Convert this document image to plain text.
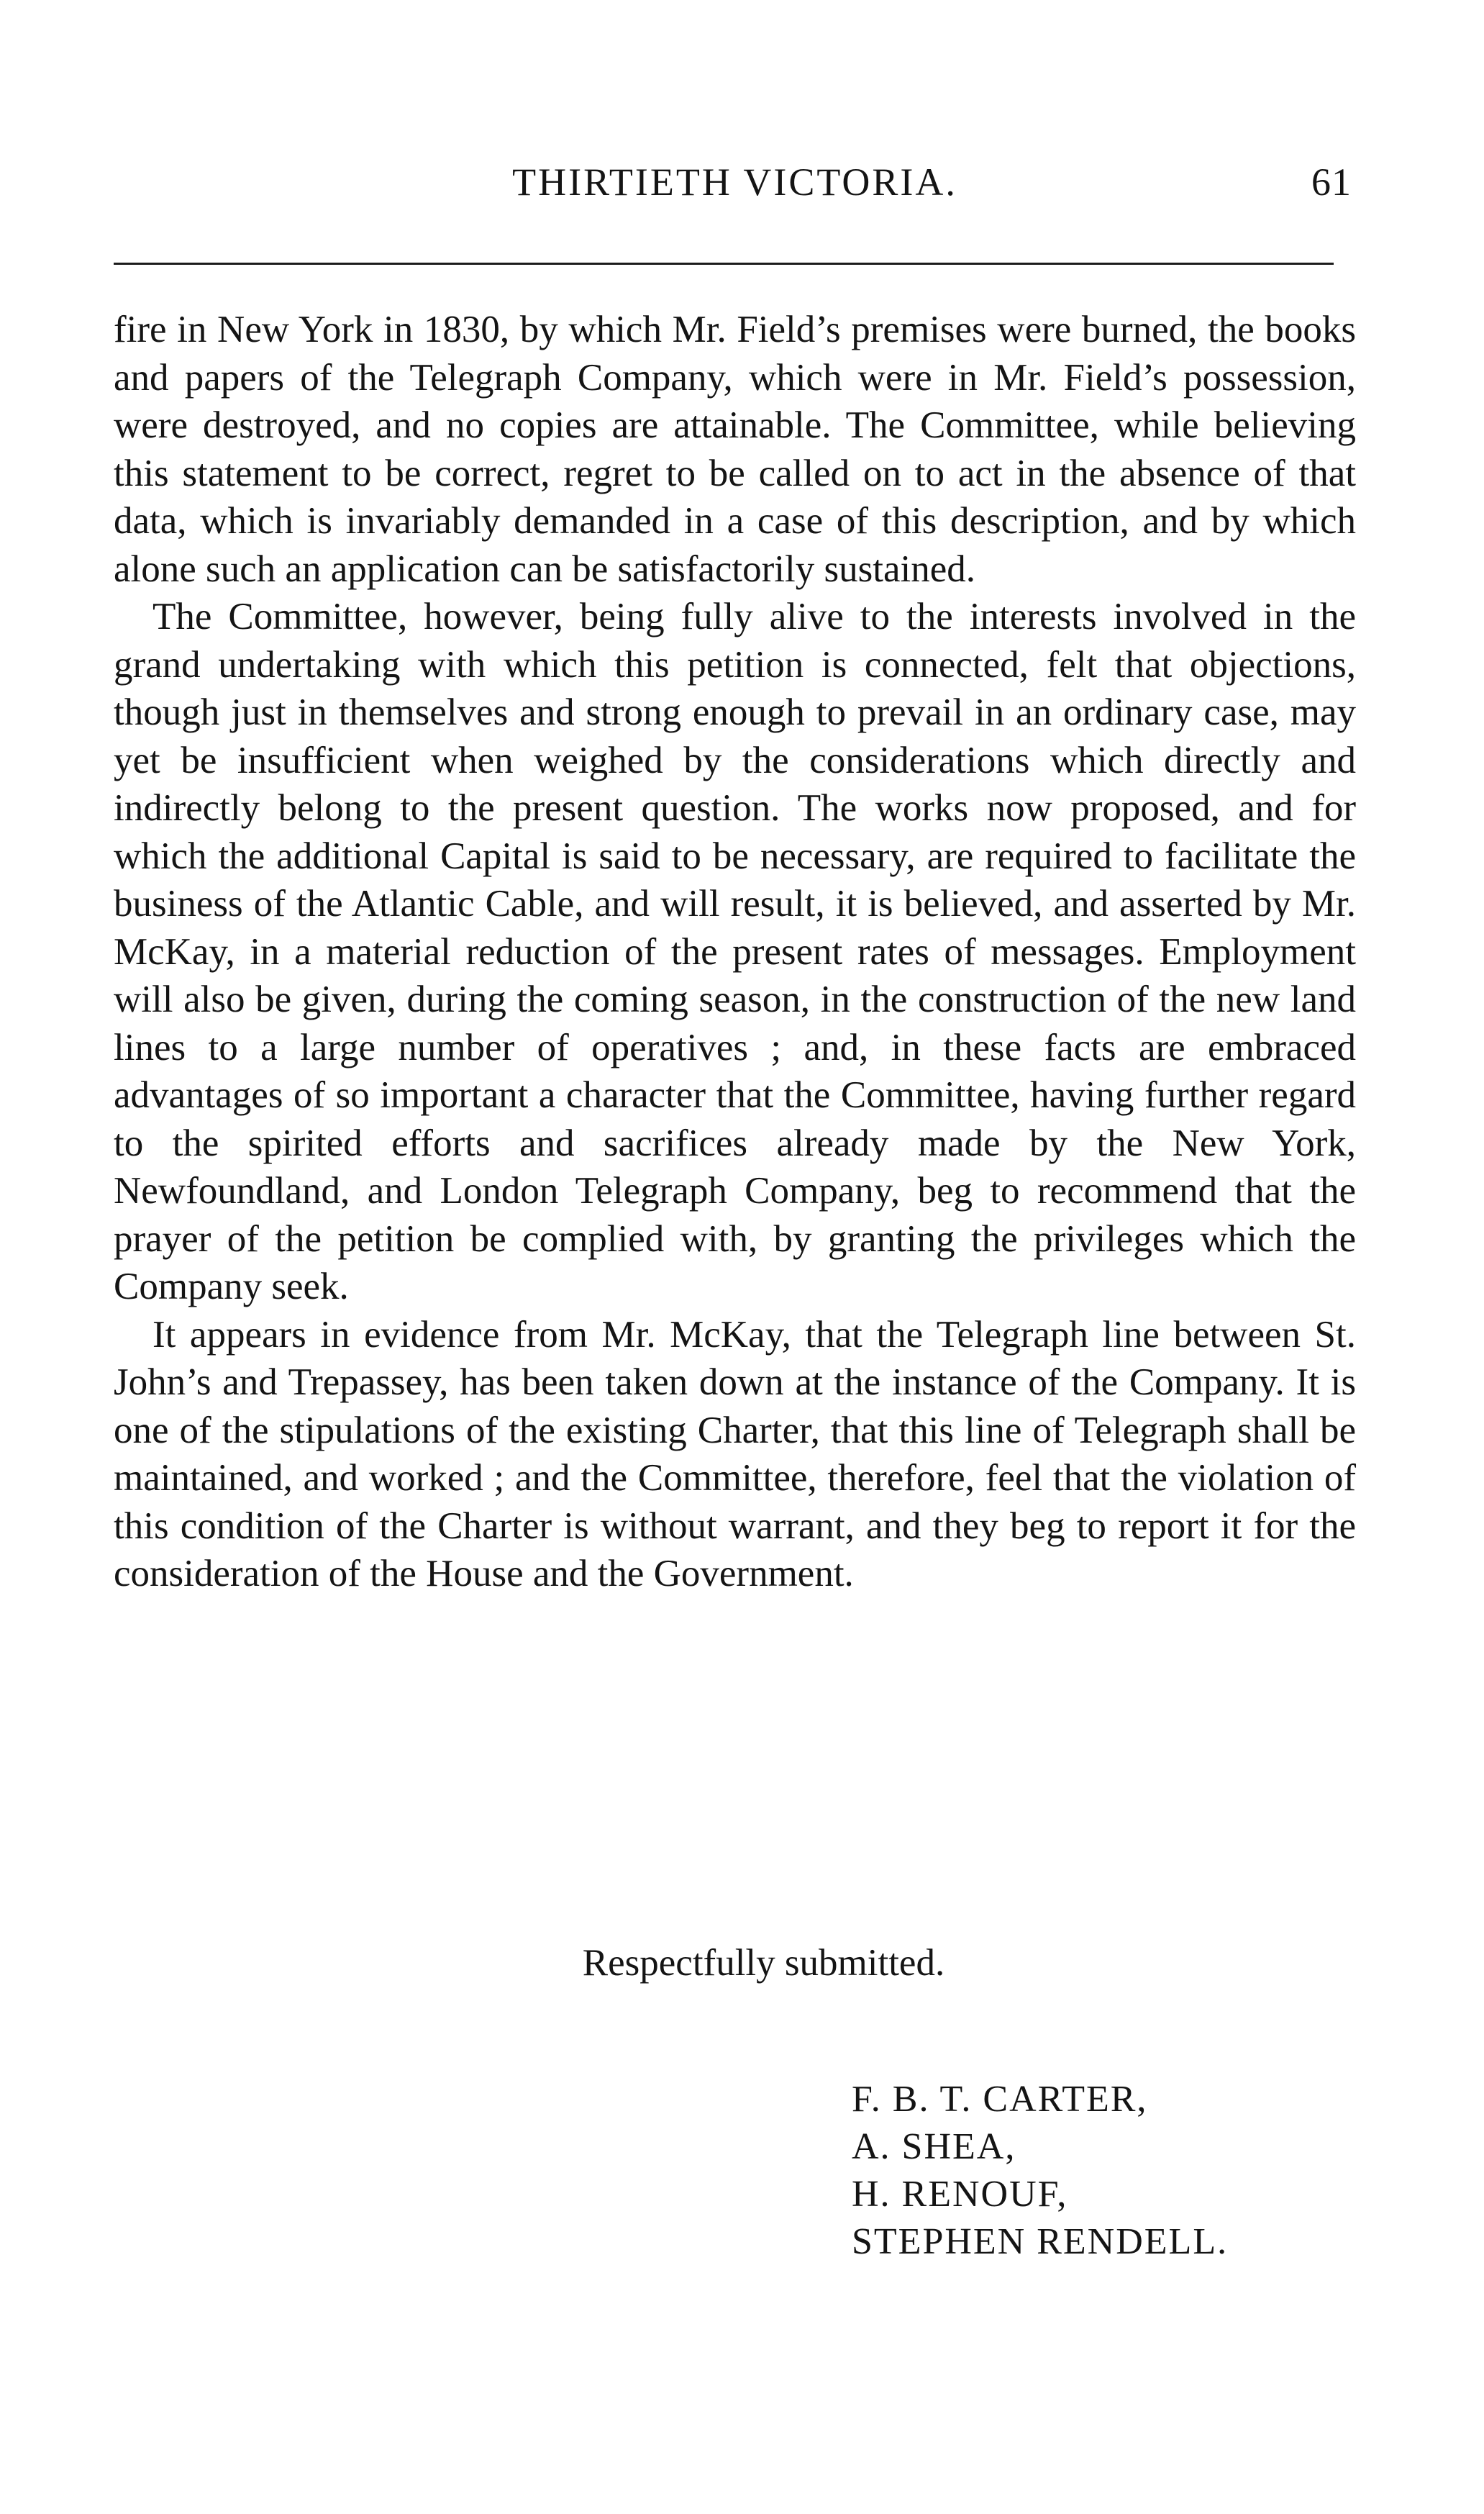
THIRTIETH VICTORIA.	61

fire in New York in 1830, by which Mr. Field’s premises were burned, the books and papers of the Telegraph Company, which were in Mr. Field’s possession, were destroyed, and no copies are attainable. The Committee, while believing this statement to be correct, regret to be called on to act in the absence of that data, which is invariably demanded in a case of this description, and by which alone such an application can be satisfactorily sustained.

The Committee, however, being fully alive to the interests involved in the grand undertaking with which this petition is connected, felt that objections, though just in themselves and strong enough to prevail in an ordinary case, may yet be insufficient when weighed by the considerations which directly and indirectly belong to the present question. The works now proposed, and for which the additional Capital is said to be necessary, are required to facilitate the business of the Atlantic Cable, and will result, it is believed, and asserted by Mr. McKay, in a material reduction of the present rates of messages. Employment will also be given, during the coming season, in the construction of the new land lines to a large number of operatives ; and, in these facts are embraced advantages of so important a character that the Committee, having further regard to the spirited efforts and sacrifices already made by the New York, Newfoundland, and London Telegraph Company, beg to recommend that the prayer of the petition be complied with, by granting the privileges which the Company seek.

It appears in evidence from Mr. McKay, that the Telegraph line between St. John’s and Trepassey, has been taken down at the instance of the Company. It is one of the stipulations of the existing Charter, that this line of Telegraph shall be maintained, and worked ; and the Committee, therefore, feel that the violation of this condition of the Charter is without warrant, and they beg to report it for the consideration of the House and the Government.

Respectfully submitted.
F. B. T. CARTER,
A. SHEA,
H. RENOUF,
STEPHEN RENDELL.
